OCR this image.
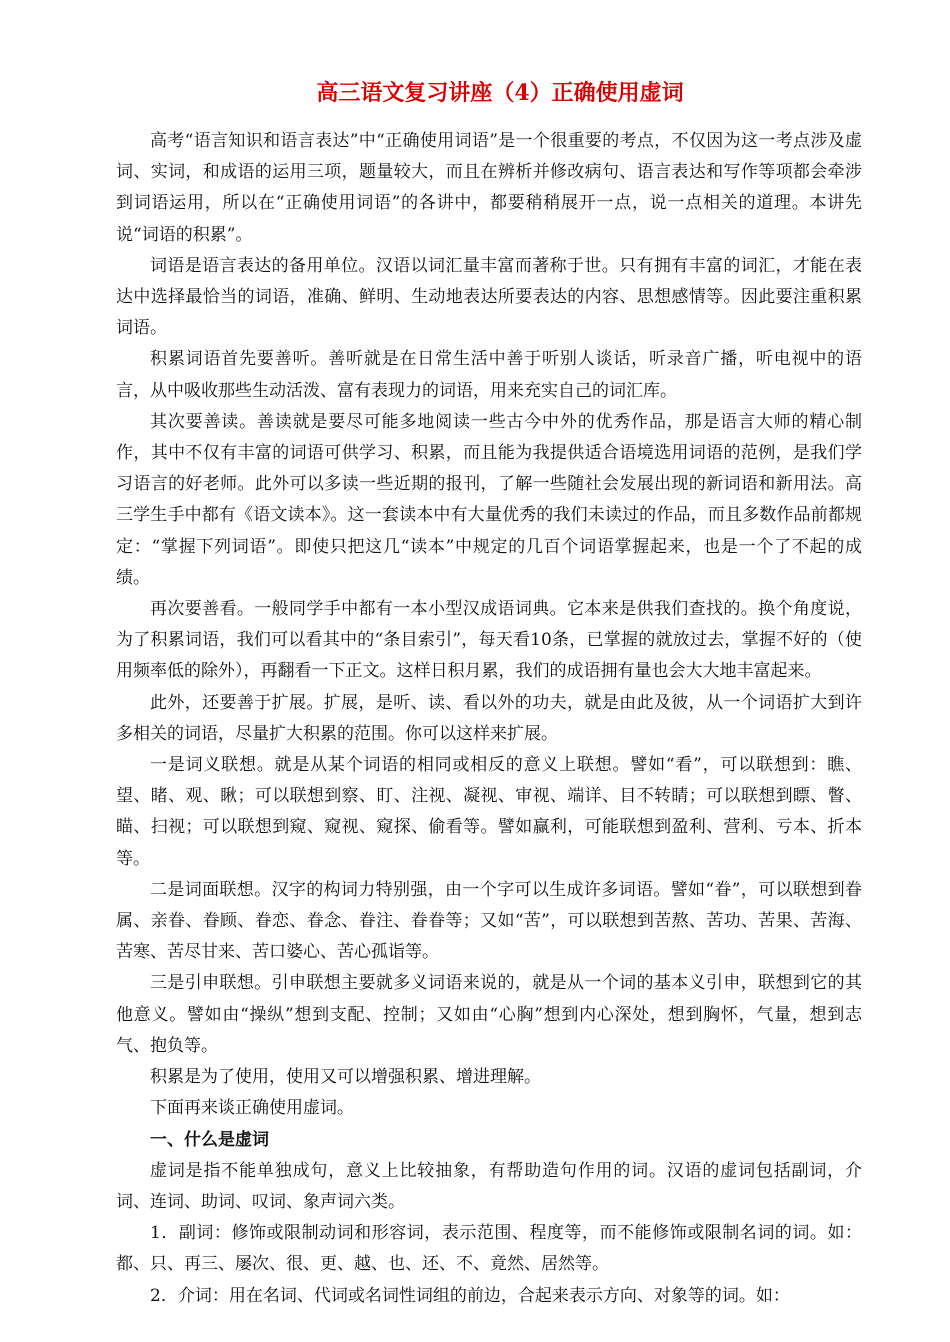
高三语文复习讲座（4）正确使用虚词

高考“语言知识和语言表达”中“正确使用词语”是一个很重要的考点，不仅因为这一考点涉及虚词、实词，和成语的运用三项，题量较大，而且在辨析并修改病句、语言表达和写作等项都会牵涉到词语运用，所以在“正确使用词语”的各讲中，都要稍稍展开一点，说一点相关的道理。本讲先说“词语的积累”。

词语是语言表达的备用单位。汉语以词汇量丰富而著称于世。只有拥有丰富的词汇，才能在表达中选择最恰当的词语，准确、鲜明、生动地表达所要表达的内容、思想感情等。因此要注重积累词语。

积累词语首先要善听。善听就是在日常生活中善于听别人谈话，听录音广播，听电视中的语言，从中吸收那些生动活泼、富有表现力的词语，用来充实自己的词汇库。

其次要善读。善读就是要尽可能多地阅读一些古今中外的优秀作品，那是语言大师的精心制作，其中不仅有丰富的词语可供学习、积累，而且能为我提供适合语境选用词语的范例，是我们学习语言的好老师。此外可以多读一些近期的报刊，了解一些随社会发展出现的新词语和新用法。高三学生手中都有《语文读本》。这一套读本中有大量优秀的我们未读过的作品，而且多数作品前都规定：“掌握下列词语”。即使只把这几“读本”中规定的几百个词语掌握起来，也是一个了不起的成绩。

再次要善看。一般同学手中都有一本小型汉成语词典。它本来是供我们查找的。换个角度说，为了积累词语，我们可以看其中的“条目索引”，每天看10条，已掌握的就放过去，掌握不好的（使用频率低的除外），再翻看一下正文。这样日积月累，我们的成语拥有量也会大大地丰富起来。

此外，还要善于扩展。扩展，是听、读、看以外的功夫，就是由此及彼，从一个词语扩大到许多相关的词语，尽量扩大积累的范围。你可以这样来扩展。

一是词义联想。就是从某个词语的相同或相反的意义上联想。譬如“看”，可以联想到：瞧、望、睹、观、瞅；可以联想到察、盯、注视、凝视、审视、端详、目不转睛；可以联想到瞟、瞥、瞄、扫视；可以联想到窥、窥视、窥探、偷看等。譬如赢利，可能联想到盈利、营利、亏本、折本等。

二是词面联想。汉字的构词力特别强，由一个字可以生成许多词语。譬如“眷”，可以联想到眷属、亲眷、眷顾、眷恋、眷念、眷注、眷眷等；又如“苦”，可以联想到苦熬、苦功、苦果、苦海、苦寒、苦尽甘来、苦口婆心、苦心孤诣等。

三是引申联想。引申联想主要就多义词语来说的，就是从一个词的基本义引申，联想到它的其他意义。譬如由“操纵”想到支配、控制；又如由“心胸”想到内心深处，想到胸怀，气量，想到志气、抱负等。

积累是为了使用，使用又可以增强积累、增进理解。

下面再来谈正确使用虚词。

一、什么是虚词

虚词是指不能单独成句，意义上比较抽象，有帮助造句作用的词。汉语的虚词包括副词，介词、连词、助词、叹词、象声词六类。

1．副词：修饰或限制动词和形容词，表示范围、程度等，而不能修饰或限制名词的词。如：都、只、再三、屡次、很、更、越、也、还、不、竟然、居然等。

2．介词：用在名词、代词或名词性词组的前边，合起来表示方向、对象等的词。如：
